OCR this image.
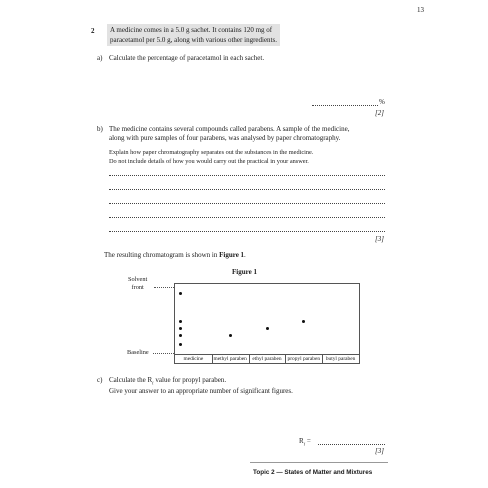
13
2 A medicine comes in a 5.0 g sachet. It contains 120 mg of
paracetamol per 5.0 g, along with various other ingredients.
a) Calculate the percentage of paracetamol in each sachet.
%
[2]
b) The medicine contains several compounds called parabens. A sample of the medicine,
along with pure samples of four parabens, was analysed by paper chromatography.
Explain how paper chromatography separates out the substances in the medicine.
Do not include details of how you would carry out the practical in your answer.
[3]
The resulting chromatogram is shown in Figure 1.
Figure 1
Solvent
front
Baseline
medicine	methyl paraben	ethyl paraben	propyl paraben	butyl paraben
c) Calculate the $R_f$ value for propyl paraben.
Give your answer to an appropriate number of significant figures.
$R_f$ =
[3]
Topic 2 — States of Matter and Mixtures
